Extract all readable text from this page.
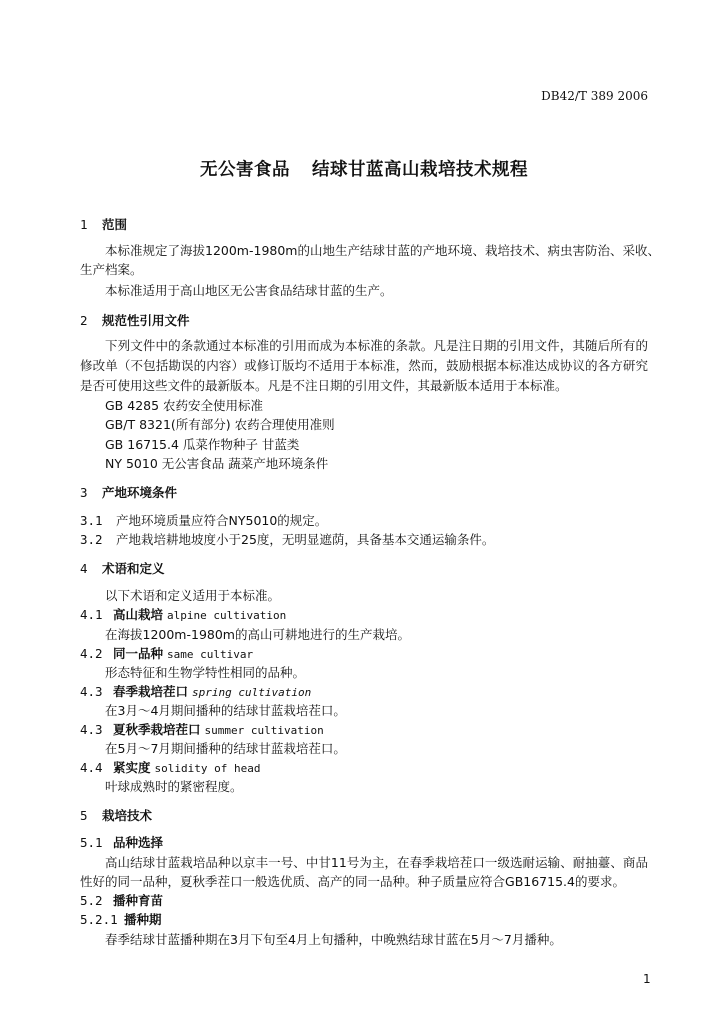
DB42/T 389 2006
无公害食品 结球甘蓝高山栽培技术规程
1 范围
本标准规定了海拔1200m-1980m的山地生产结球甘蓝的产地环境、栽培技术、病虫害防治、采收、
生产档案。
本标准适用于高山地区无公害食品结球甘蓝的生产。
2 规范性引用文件
下列文件中的条款通过本标准的引用而成为本标准的条款。凡是注日期的引用文件，其随后所有的
修改单（不包括勘误的内容）或修订版均不适用于本标准，然而，鼓励根据本标准达成协议的各方研究
是否可使用这些文件的最新版本。凡是不注日期的引用文件，其最新版本适用于本标准。
GB 4285 农药安全使用标准
GB/T 8321(所有部分) 农药合理使用准则
GB 16715.4 瓜菜作物种子 甘蓝类
NY 5010 无公害食品 蔬菜产地环境条件
3 产地环境条件
3.1 产地环境质量应符合NY5010的规定。
3.2 产地栽培耕地坡度小于25度，无明显遮荫，具备基本交通运输条件。
4 术语和定义
以下术语和定义适用于本标准。
4.1 高山栽培 alpine cultivation
在海拔1200m-1980m的高山可耕地进行的生产栽培。
4.2 同一品种 same cultivar
形态特征和生物学特性相同的品种。
4.3 春季栽培茬口 spring cultivation
在3月～4月期间播种的结球甘蓝栽培茬口。
4.3 夏秋季栽培茬口 summer cultivation
在5月～7月期间播种的结球甘蓝栽培茬口。
4.4 紧实度 solidity of head
叶球成熟时的紧密程度。
5 栽培技术
5.1 品种选择
高山结球甘蓝栽培品种以京丰一号、中甘11号为主，在春季栽培茬口一级选耐运输、耐抽薹、商品
性好的同一品种，夏秋季茬口一般选优质、高产的同一品种。种子质量应符合GB16715.4的要求。
5.2 播种育苗
5.2.1 播种期
春季结球甘蓝播种期在3月下旬至4月上旬播种，中晚熟结球甘蓝在5月～7月播种。
1
